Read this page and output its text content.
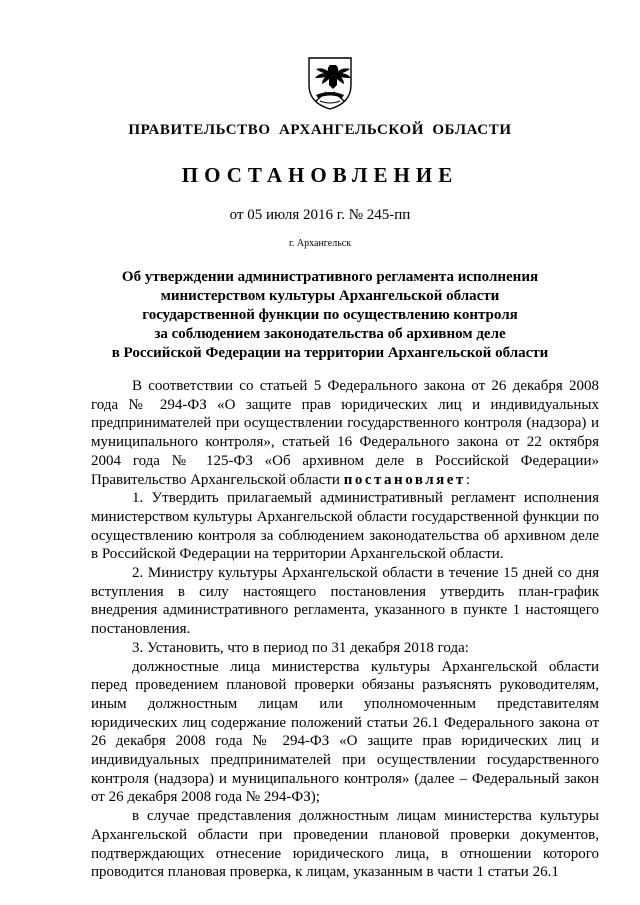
ПРАВИТЕЛЬСТВО АРХАНГЕЛЬСКОЙ ОБЛАСТИ
ПОСТАНОВЛЕНИЕ
от 05 июля 2016 г. № 245-пп
г. Архангельск
Об утверждении административного регламента исполнения
министерством культуры Архангельской области
государственной функции по осуществлению контроля
за соблюдением законодательства об архивном деле
в Российской Федерации на территории Архангельской области

В соответствии со статьей 5 Федерального закона от 26 декабря 2008 года № 294-ФЗ «О защите прав юридических лиц и индивидуальных предпринимателей при осуществлении государственного контроля (надзора) и муниципального контроля», статьей 16 Федерального закона от 22 октября 2004 года № 125-ФЗ «Об архивном деле в Российской Федерации» Правительство Архангельской области постановляет:

1. Утвердить прилагаемый административный регламент исполнения министерством культуры Архангельской области государственной функции по осуществлению контроля за соблюдением законодательства об архивном деле в Российской Федерации на территории Архангельской области.

2. Министру культуры Архангельской области в течение 15 дней со дня вступления в силу настоящего постановления утвердить план-график внедрения административного регламента, указанного в пункте 1 настоящего постановления.

3. Установить, что в период по 31 декабря 2018 года:

должностные лица министерства культуры Архангельской области перед проведением плановой проверки обязаны разъяснять руководителям, иным должностным лицам или уполномоченным представителям юридических лиц содержание положений статьи 26.1 Федерального закона от 26 декабря 2008 года № 294-ФЗ «О защите прав юридических лиц и индивидуальных предпринимателей при осуществлении государственного контроля (надзора) и муниципального контроля» (далее – Федеральный закон от 26 декабря 2008 года № 294-ФЗ);

в случае представления должностным лицам министерства культуры Архангельской области при проведении плановой проверки документов, подтверждающих отнесение юридического лица, в отношении которого проводится плановая проверка, к лицам, указанным в части 1 статьи 26.1
